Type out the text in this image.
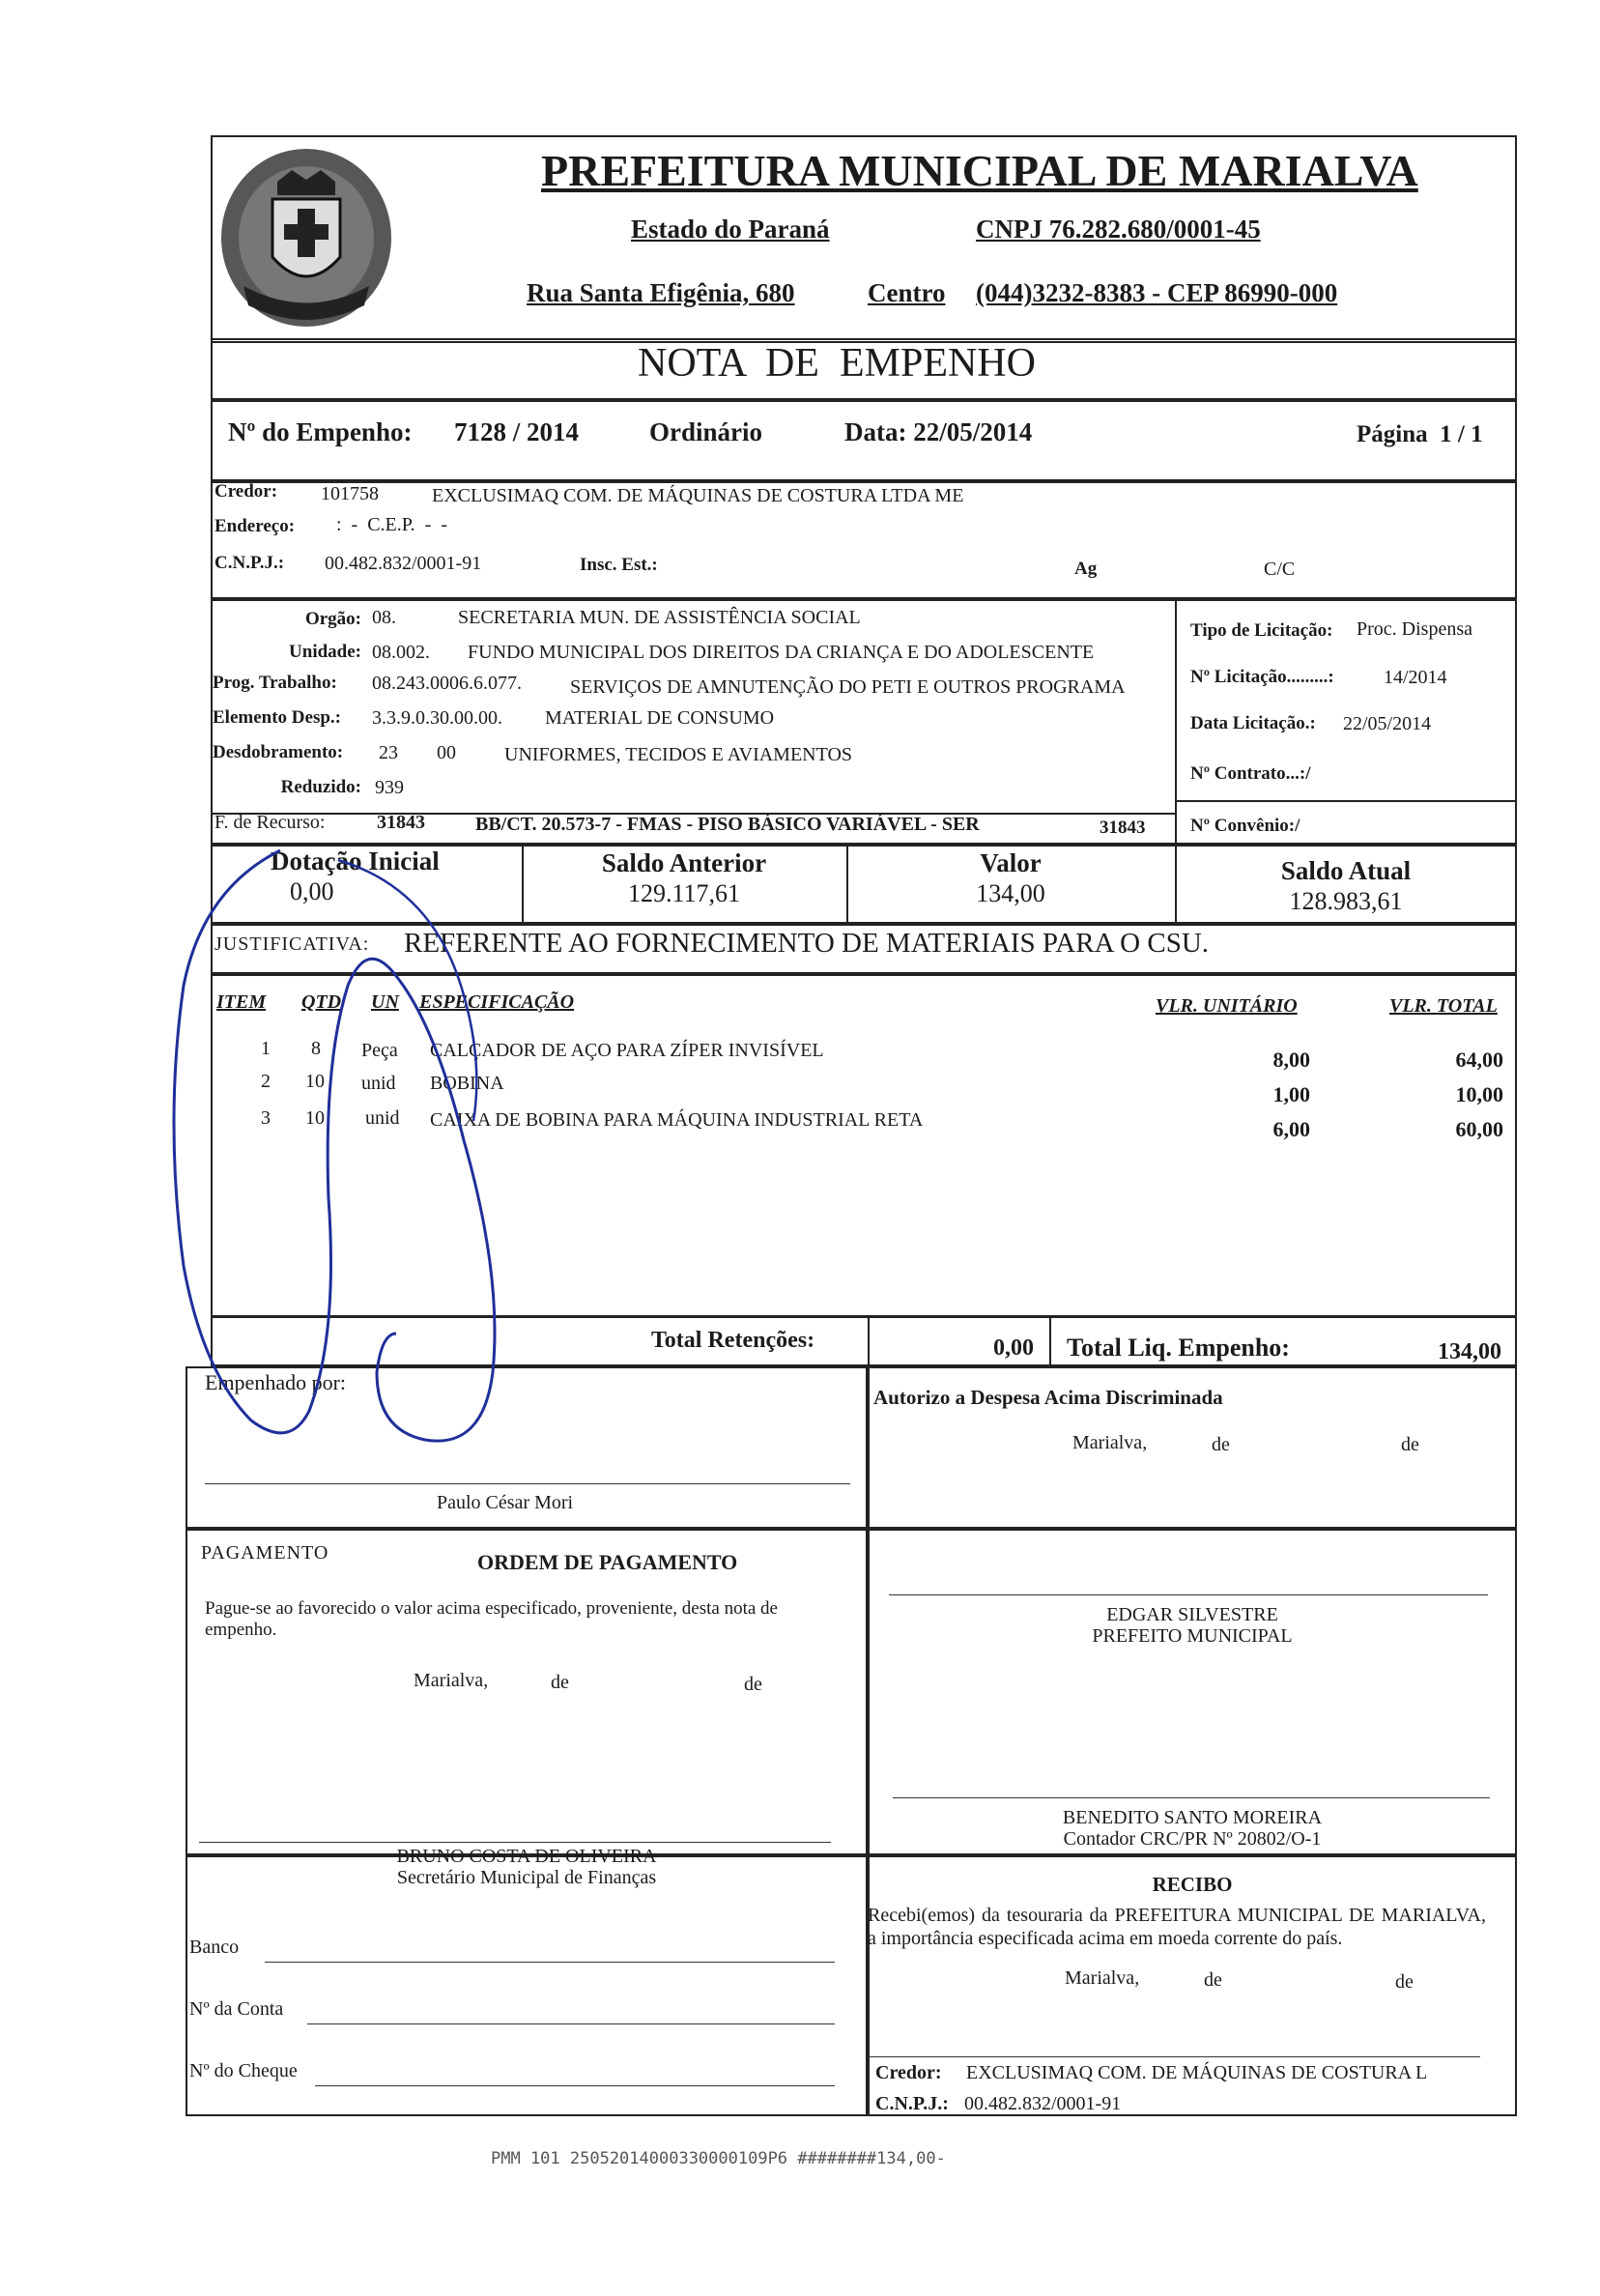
PREFEITURA MUNICIPAL DE MARIALVA
Estado do Paraná	CNPJ 76.282.680/0001-45
Rua Santa Efigênia, 680	Centro (044)3232-8383 - CEP 86990-000
NOTA  DE  EMPENHO
Nº do Empenho: 7128 / 2014	Ordinário	Data: 22/05/2014	Página  1 / 1
Credor: 101758	EXCLUSIMAQ COM. DE MÁQUINAS DE COSTURA LTDA ME
Endereço: :  -  C.E.P.  -  -
C.N.P.J.: 00.482.832/0001-91	Insc. Est.:	Ag	C/C
Orgão: 08.	SECRETARIA MUN. DE ASSISTÊNCIA SOCIAL
Unidade: 08.002. FUNDO MUNICIPAL DOS DIREITOS DA CRIANÇA E DO ADOLESCENTE
Prog. Trabalho: 08.243.0006.6.077.	SERVIÇOS DE AMNUTENÇÃO DO PETI E OUTROS PROGRAMA
Elemento Desp.: 3.3.9.0.30.00.00. MATERIAL DE CONSUMO
Desdobramento: 23 00	UNIFORMES, TECIDOS E AVIAMENTOS
Reduzido: 939
F. de Recurso:	31843	BB/CT. 20.573-7 - FMAS - PISO BÁSICO VARIÁVEL - SER	31843
Tipo de Licitação: Proc. Dispensa
Nº Licitação.........:	14/2014
Data Licitação.: 22/05/2014
Nº Contrato...:/
Nº Convênio:/
Dotação Inicial
0,00
Saldo Anterior
129.117,61
Valor
134,00
Saldo Atual
128.983,61
JUSTIFICATIVA: REFERENTE AO FORNECIMENTO DE MATERIAIS PARA O CSU.
ITEM QTD UN ESPECIFICAÇÃO	VLR. UNITÁRIO	VLR. TOTAL
1 8 Peça CALÇADOR DE AÇO PARA ZÍPER INVISÍVEL	8,00	64,00
2 10 unid BOBINA	1,00	10,00
3 10 unid CAIXA DE BOBINA PARA MÁQUINA INDUSTRIAL RETA	6,00	60,00
Total Retenções:	0,00 Total Liq. Empenho:	134,00
Empenhado por:
Paulo César Mori
Autorizo a Despesa Acima Discriminada
Marialva,	de	de
PAGAMENTO	ORDEM DE PAGAMENTO
Pague-se ao favorecido o valor acima especificado, proveniente, desta nota de empenho.
Marialva,	de	de
EDGAR SILVESTRE
PREFEITO MUNICIPAL
BENEDITO SANTO MOREIRA
Contador CRC/PR Nº 20802/O-1
BRUNO COSTA DE OLIVEIRA
Secretário Municipal de Finanças
Banco
Nº da Conta
Nº do Cheque
RECIBO
Recebi(emos) da tesouraria da PREFEITURA MUNICIPAL DE MARIALVA, a importância especificada acima em moeda corrente do país.
Marialva,	de	de
Credor: EXCLUSIMAQ COM. DE MÁQUINAS DE COSTURA L
C.N.P.J.: 00.482.832/0001-91
PMM 101 25052014000330000109P6 ########134,00-
